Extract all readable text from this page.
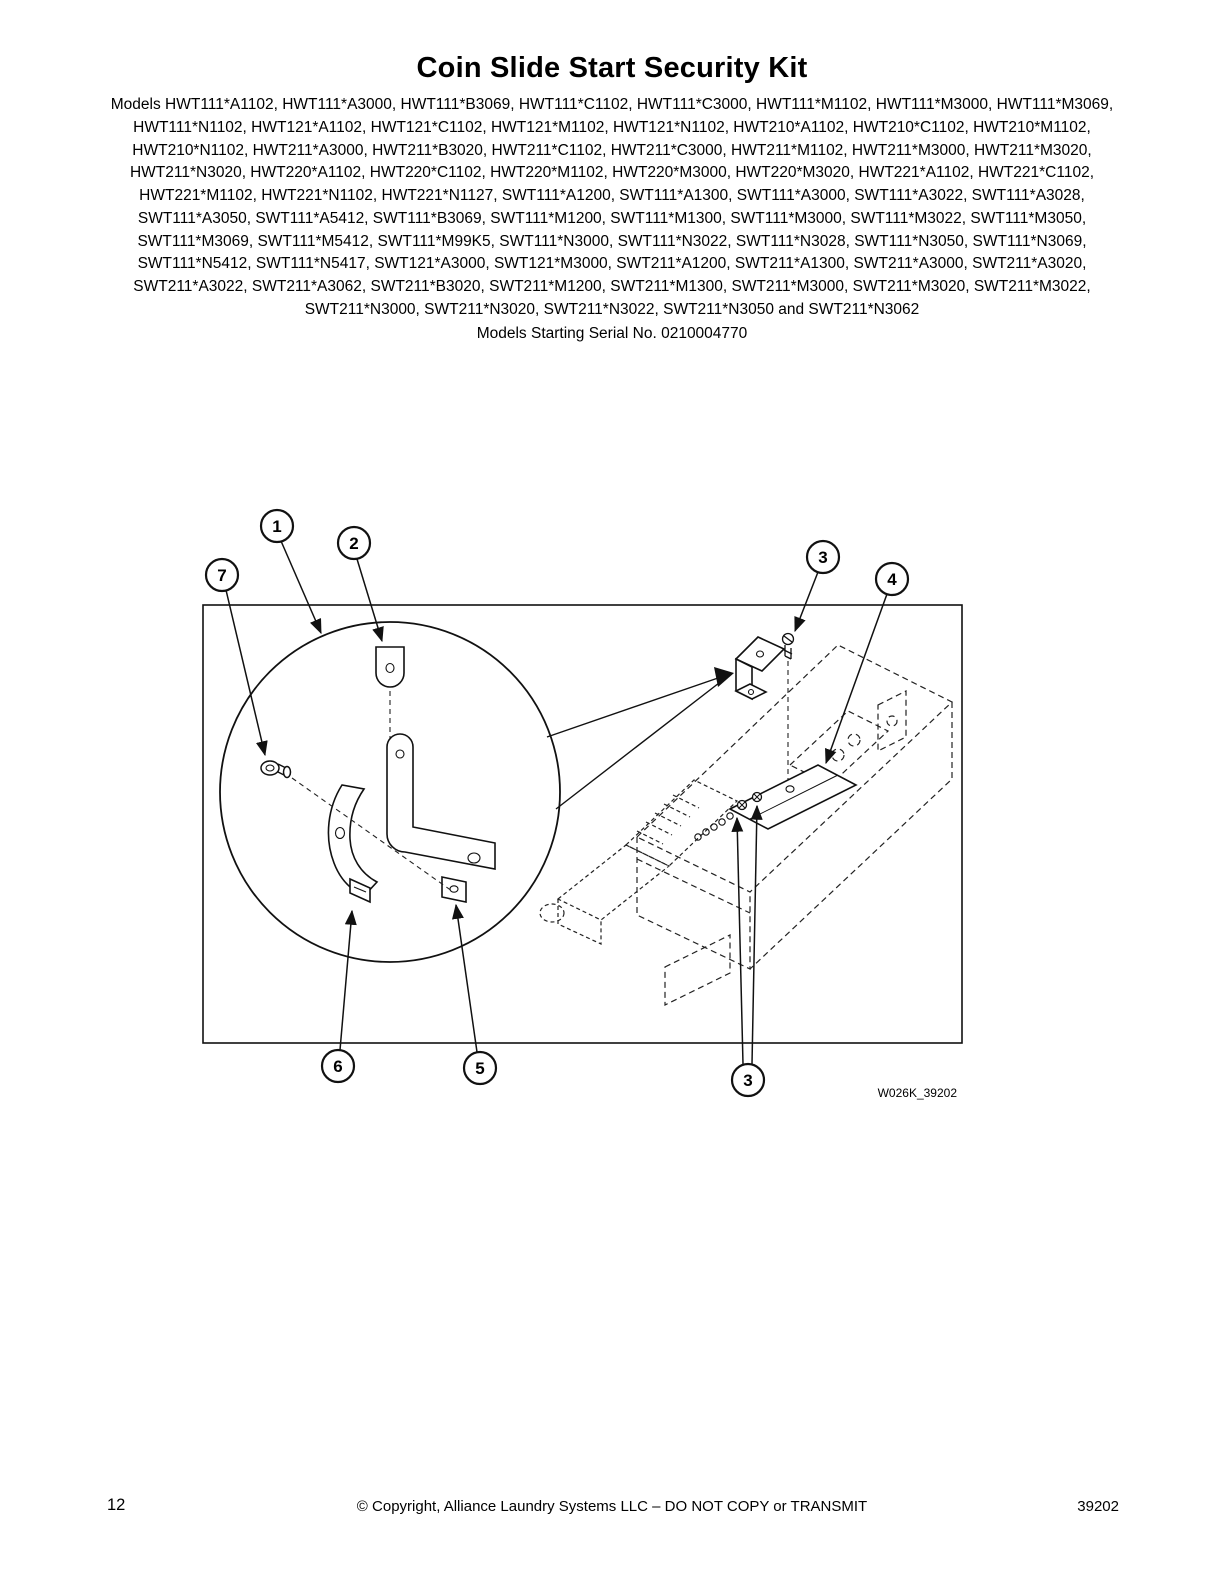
Coin Slide Start Security Kit

Models HWT111*A1102, HWT111*A3000, HWT111*B3069, HWT111*C1102, HWT111*C3000, HWT111*M1102, HWT111*M3000, HWT111*M3069, HWT111*N1102, HWT121*A1102, HWT121*C1102, HWT121*M1102, HWT121*N1102, HWT210*A1102, HWT210*C1102, HWT210*M1102, HWT210*N1102, HWT211*A3000, HWT211*B3020, HWT211*C1102, HWT211*C3000, HWT211*M1102, HWT211*M3000, HWT211*M3020, HWT211*N3020, HWT220*A1102, HWT220*C1102, HWT220*M1102, HWT220*M3000, HWT220*M3020, HWT221*A1102, HWT221*C1102, HWT221*M1102, HWT221*N1102, HWT221*N1127, SWT111*A1200, SWT111*A1300, SWT111*A3000, SWT111*A3022, SWT111*A3028, SWT111*A3050, SWT111*A5412, SWT111*B3069, SWT111*M1200, SWT111*M1300, SWT111*M3000, SWT111*M3022, SWT111*M3050, SWT111*M3069, SWT111*M5412, SWT111*M99K5, SWT111*N3000, SWT111*N3022, SWT111*N3028, SWT111*N3050, SWT111*N3069, SWT111*N5412, SWT111*N5417, SWT121*A3000, SWT121*M3000, SWT211*A1200, SWT211*A1300, SWT211*A3000, SWT211*A3020, SWT211*A3022, SWT211*A3062, SWT211*B3020, SWT211*M1200, SWT211*M1300, SWT211*M3000, SWT211*M3020, SWT211*M3022, SWT211*N3000, SWT211*N3020, SWT211*N3022, SWT211*N3050 and SWT211*N3062

Models Starting Serial No. 0210004770

1
2
7
3
4
6	5
3
W026K_39202
12	© Copyright, Alliance Laundry Systems LLC – DO NOT COPY or TRANSMIT	39202
